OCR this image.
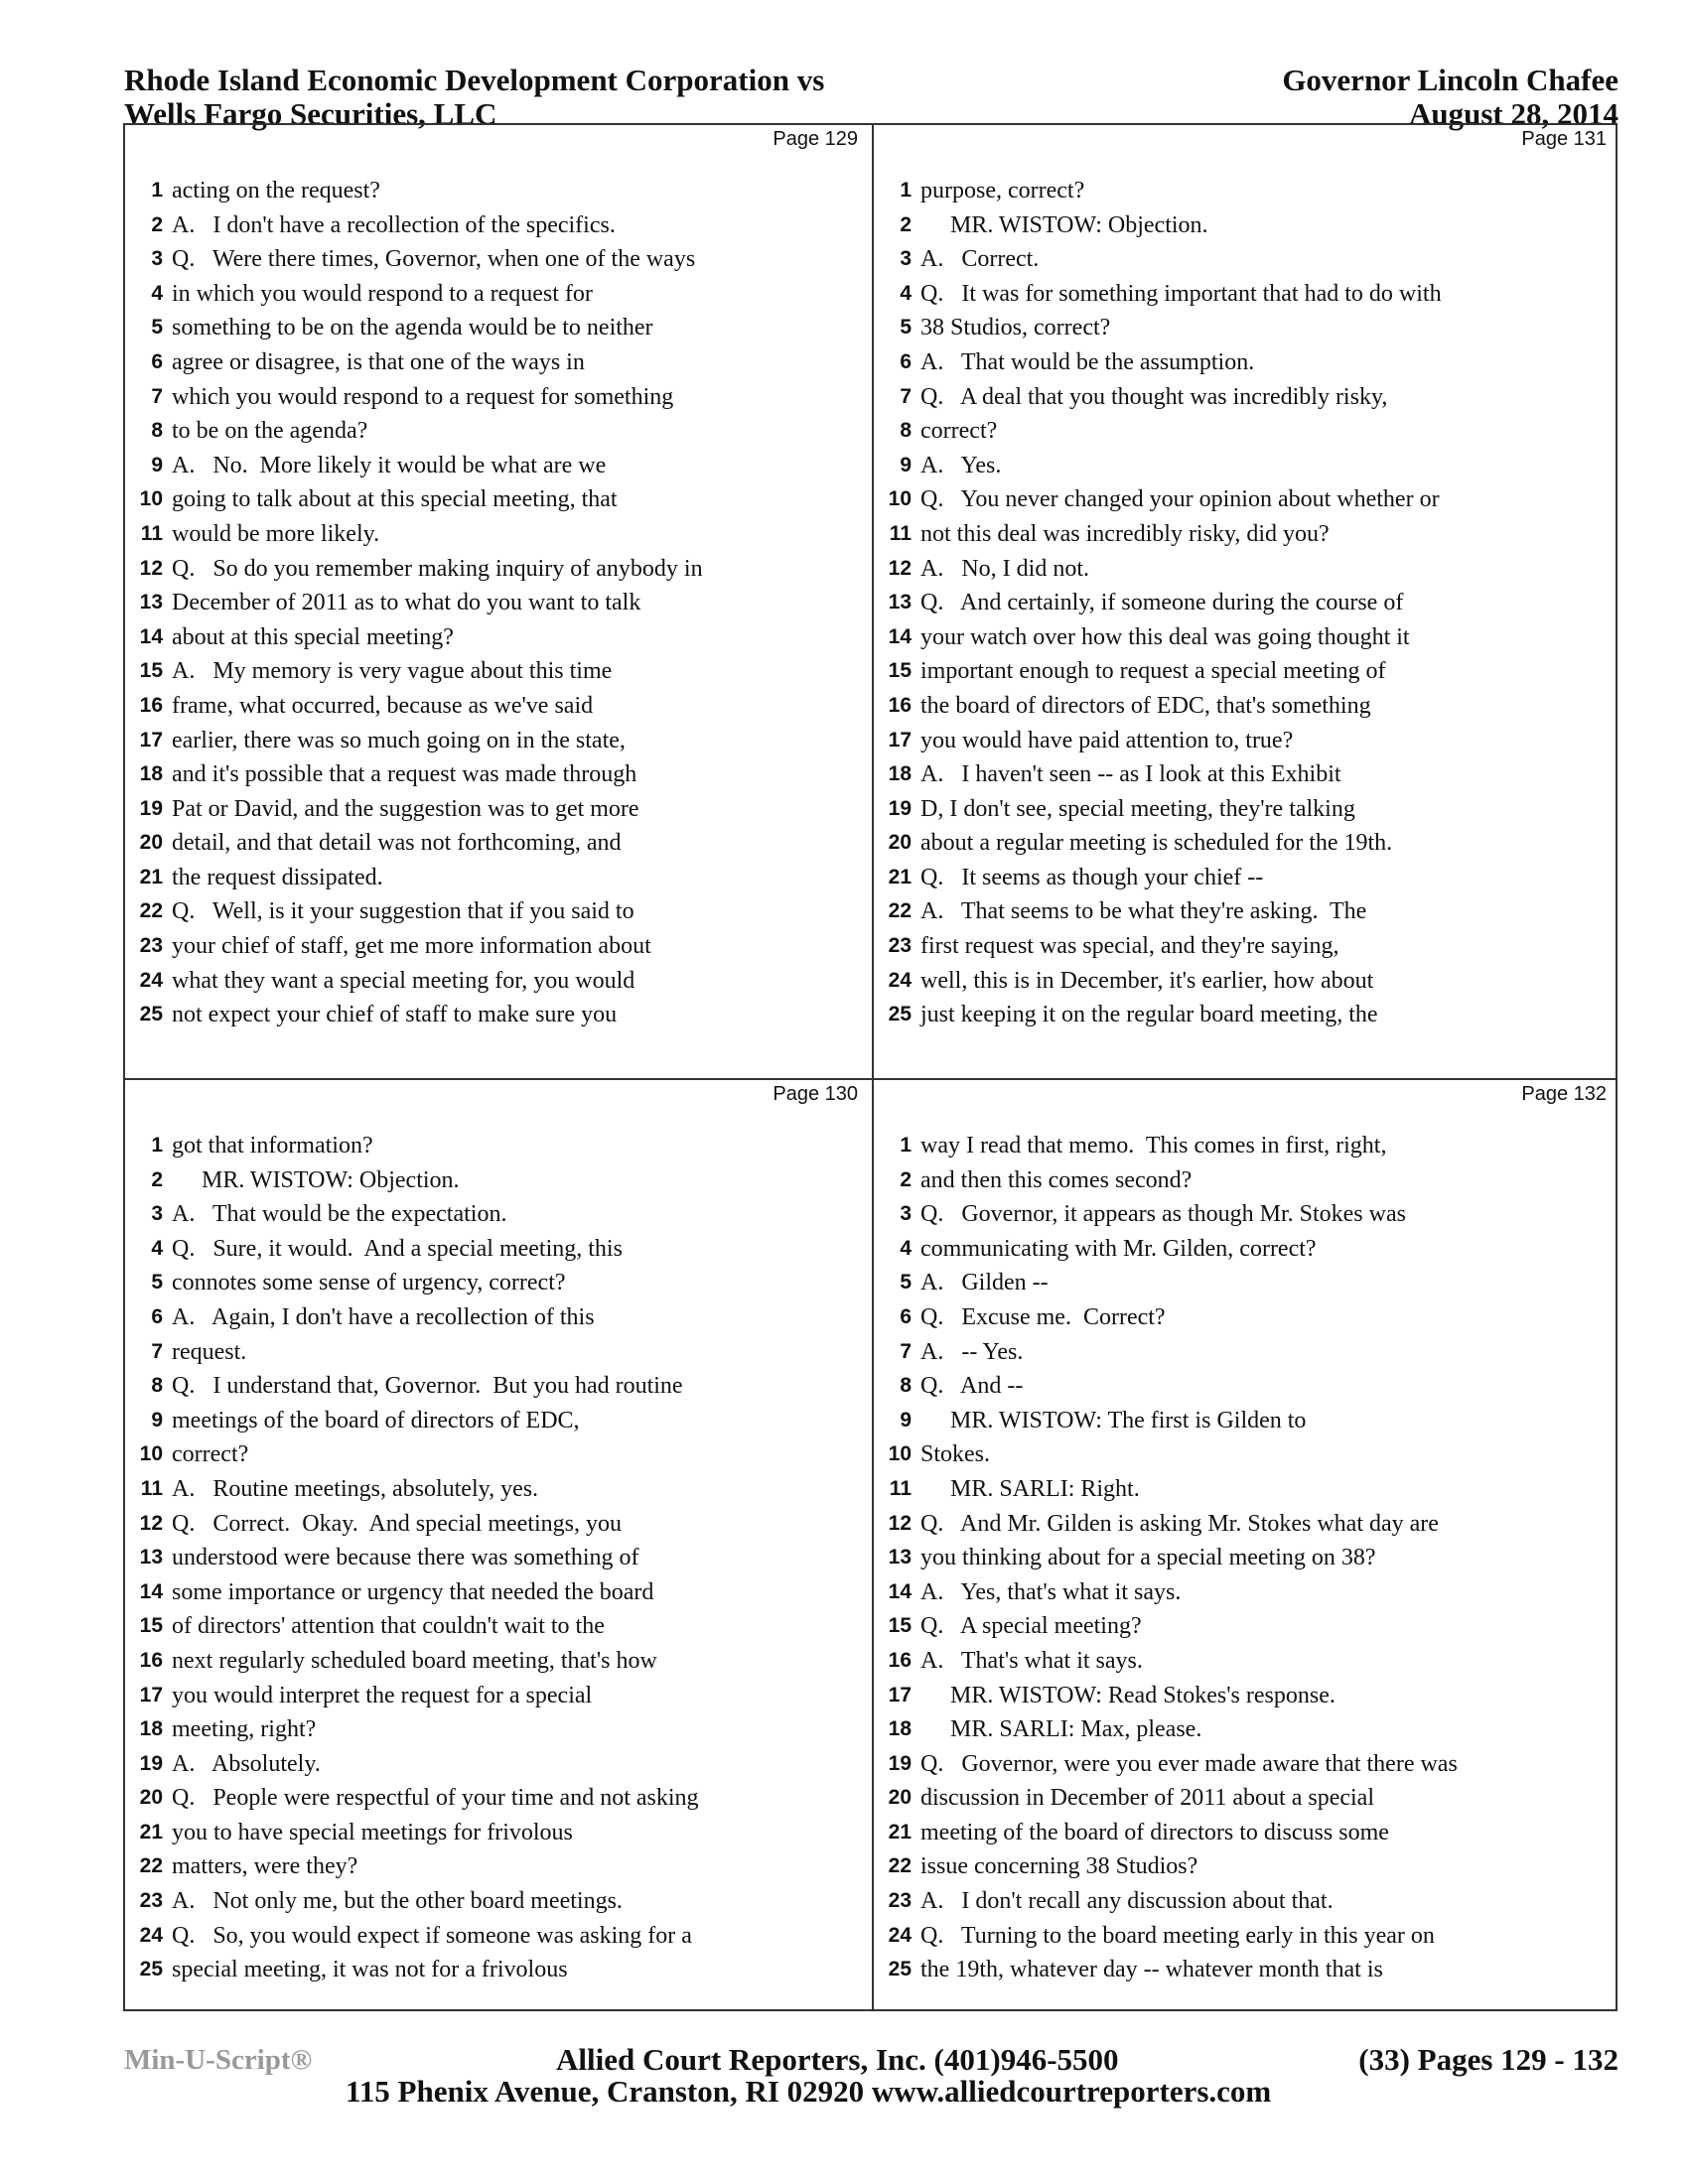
Rhode Island Economic Development Corporation vs
Wells Fargo Securities, LLC
Governor Lincoln Chafee
August 28, 2014
Page 129
1 acting on the request?
2 A.   I don't have a recollection of the specifics.
3 Q.   Were there times, Governor, when one of the ways
4 in which you would respond to a request for
5 something to be on the agenda would be to neither
6 agree or disagree, is that one of the ways in
7 which you would respond to a request for something
8 to be on the agenda?
9 A.   No.  More likely it would be what are we
10 going to talk about at this special meeting, that
11 would be more likely.
12 Q.   So do you remember making inquiry of anybody in
13 December of 2011 as to what do you want to talk
14 about at this special meeting?
15 A.   My memory is very vague about this time
16 frame, what occurred, because as we've said
17 earlier, there was so much going on in the state,
18 and it's possible that a request was made through
19 Pat or David, and the suggestion was to get more
20 detail, and that detail was not forthcoming, and
21 the request dissipated.
22 Q.   Well, is it your suggestion that if you said to
23 your chief of staff, get me more information about
24 what they want a special meeting for, you would
25 not expect your chief of staff to make sure you
Page 131
1 purpose, correct?
2 MR. WISTOW: Objection.
3 A.   Correct.
4 Q.   It was for something important that had to do with
5 38 Studios, correct?
6 A.   That would be the assumption.
7 Q.   A deal that you thought was incredibly risky,
8 correct?
9 A.   Yes.
10 Q.   You never changed your opinion about whether or
11 not this deal was incredibly risky, did you?
12 A.   No, I did not.
13 Q.   And certainly, if someone during the course of
14 your watch over how this deal was going thought it
15 important enough to request a special meeting of
16 the board of directors of EDC, that's something
17 you would have paid attention to, true?
18 A.   I haven't seen -- as I look at this Exhibit
19 D, I don't see, special meeting, they're talking
20 about a regular meeting is scheduled for the 19th.
21 Q.   It seems as though your chief --
22 A.   That seems to be what they're asking.  The
23 first request was special, and they're saying,
24 well, this is in December, it's earlier, how about
25 just keeping it on the regular board meeting, the
Page 130
1 got that information?
2 MR. WISTOW: Objection.
3 A.   That would be the expectation.
4 Q.   Sure, it would.  And a special meeting, this
5 connotes some sense of urgency, correct?
6 A.   Again, I don't have a recollection of this
7 request.
8 Q.   I understand that, Governor.  But you had routine
9 meetings of the board of directors of EDC,
10 correct?
11 A.   Routine meetings, absolutely, yes.
12 Q.   Correct.  Okay.  And special meetings, you
13 understood were because there was something of
14 some importance or urgency that needed the board
15 of directors' attention that couldn't wait to the
16 next regularly scheduled board meeting, that's how
17 you would interpret the request for a special
18 meeting, right?
19 A.   Absolutely.
20 Q.   People were respectful of your time and not asking
21 you to have special meetings for frivolous
22 matters, were they?
23 A.   Not only me, but the other board meetings.
24 Q.   So, you would expect if someone was asking for a
25 special meeting, it was not for a frivolous
Page 132
1 way I read that memo.  This comes in first, right,
2 and then this comes second?
3 Q.   Governor, it appears as though Mr. Stokes was
4 communicating with Mr. Gilden, correct?
5 A.   Gilden --
6 Q.   Excuse me.  Correct?
7 A.   -- Yes.
8 Q.   And --
9 MR. WISTOW: The first is Gilden to
10 Stokes.
11 MR. SARLI: Right.
12 Q.   And Mr. Gilden is asking Mr. Stokes what day are
13 you thinking about for a special meeting on 38?
14 A.   Yes, that's what it says.
15 Q.   A special meeting?
16 A.   That's what it says.
17 MR. WISTOW: Read Stokes's response.
18 MR. SARLI: Max, please.
19 Q.   Governor, were you ever made aware that there was
20 discussion in December of 2011 about a special
21 meeting of the board of directors to discuss some
22 issue concerning 38 Studios?
23 A.   I don't recall any discussion about that.
24 Q.   Turning to the board meeting early in this year on
25 the 19th, whatever day -- whatever month that is
Min-U-Script®	Allied Court Reporters, Inc. (401)946-5500	(33) Pages 129 - 132
115 Phenix Avenue, Cranston, RI 02920 www.alliedcourtreporters.com
